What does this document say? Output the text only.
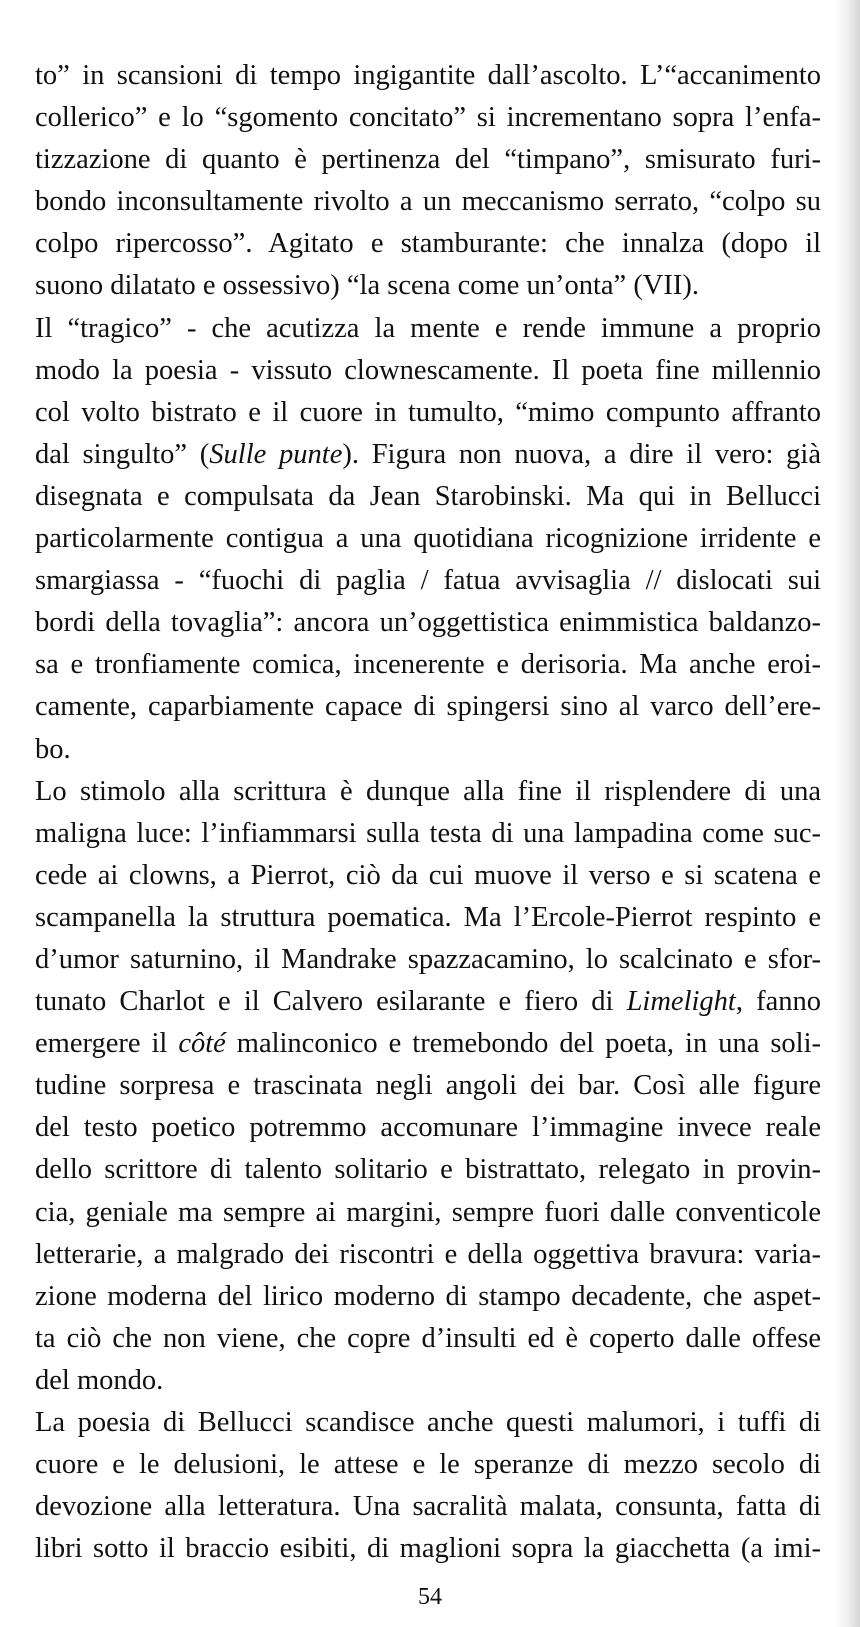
to” in scansioni di tempo ingigantite dall’ascolto. L’“accanimento
collerico” e lo “sgomento concitato” si incrementano sopra l’enfa-
tizzazione di quanto è pertinenza del “timpano”, smisurato furi-
bondo inconsultamente rivolto a un meccanismo serrato, “colpo su
colpo ripercosso”. Agitato e stamburante: che innalza (dopo il
suono dilatato e ossessivo) “la scena come un’onta” (VII).
Il “tragico” - che acutizza la mente e rende immune a proprio
modo la poesia - vissuto clownescamente. Il poeta fine millennio
col volto bistrato e il cuore in tumulto, “mimo compunto affranto
dal singulto” (Sulle punte). Figura non nuova, a dire il vero: già
disegnata e compulsata da Jean Starobinski. Ma qui in Bellucci
particolarmente contigua a una quotidiana ricognizione irridente e
smargiassa - “fuochi di paglia / fatua avvisaglia // dislocati sui
bordi della tovaglia”: ancora un’oggettistica enimmistica baldanzo-
sa e tronfiamente comica, incenerente e derisoria. Ma anche eroi-
camente, caparbiamente capace di spingersi sino al varco dell’ere-
bo.
Lo stimolo alla scrittura è dunque alla fine il risplendere di una
maligna luce: l’infiammarsi sulla testa di una lampadina come suc-
cede ai clowns, a Pierrot, ciò da cui muove il verso e si scatena e
scampanella la struttura poematica. Ma l’Ercole-Pierrot respinto e
d’umor saturnino, il Mandrake spazzacamino, lo scalcinato e sfor-
tunato Charlot e il Calvero esilarante e fiero di Limelight, fanno
emergere il côté malinconico e tremebondo del poeta, in una soli-
tudine sorpresa e trascinata negli angoli dei bar. Così alle figure
del testo poetico potremmo accomunare l’immagine invece reale
dello scrittore di talento solitario e bistrattato, relegato in provin-
cia, geniale ma sempre ai margini, sempre fuori dalle conventicole
letterarie, a malgrado dei riscontri e della oggettiva bravura: varia-
zione moderna del lirico moderno di stampo decadente, che aspet-
ta ciò che non viene, che copre d’insulti ed è coperto dalle offese
del mondo.
La poesia di Bellucci scandisce anche questi malumori, i tuffi di
cuore e le delusioni, le attese e le speranze di mezzo secolo di
devozione alla letteratura. Una sacralità malata, consunta, fatta di
libri sotto il braccio esibiti, di maglioni sopra la giacchetta (a imi-
54
